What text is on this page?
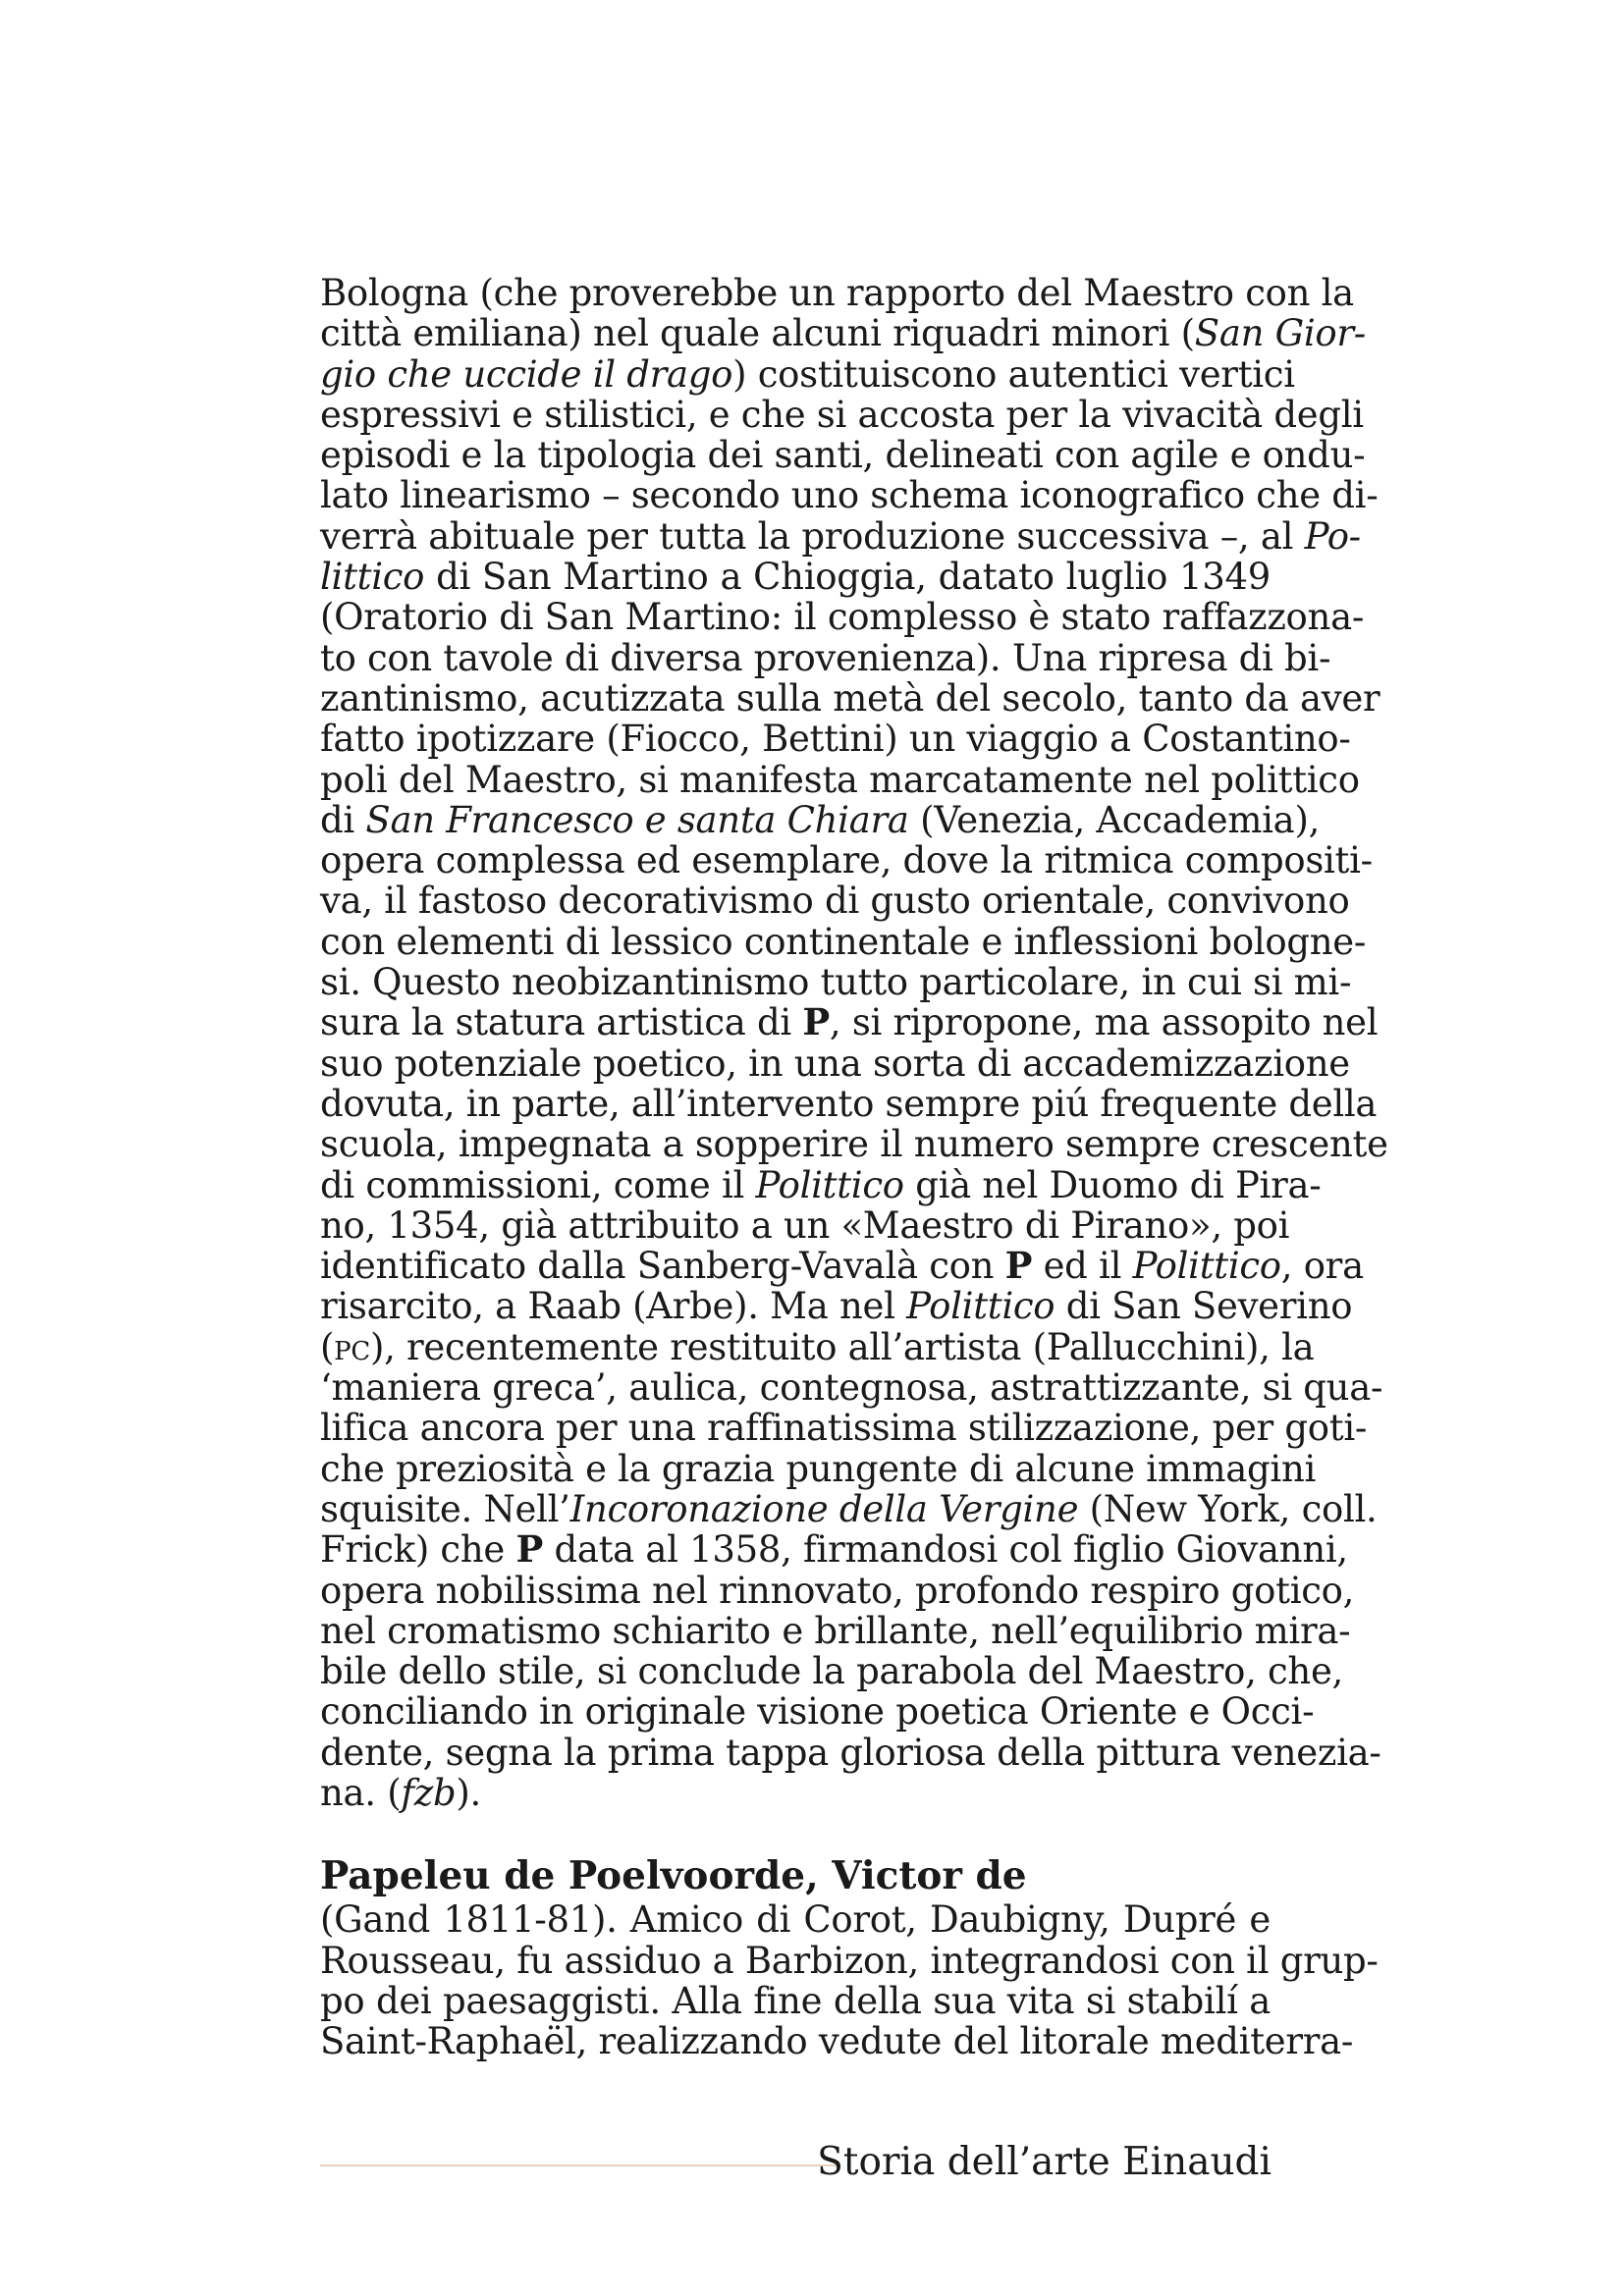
Bologna (che proverebbe un rapporto del Maestro con la
città emiliana) nel quale alcuni riquadri minori (San Gior-
gio che uccide il drago) costituiscono autentici vertici
espressivi e stilistici, e che si accosta per la vivacità degli
episodi e la tipologia dei santi, delineati con agile e ondu-
lato linearismo – secondo uno schema iconografico che di-
verrà abituale per tutta la produzione successiva –, al Po-
littico di San Martino a Chioggia, datato luglio 1349
(Oratorio di San Martino: il complesso è stato raffazzona-
to con tavole di diversa provenienza). Una ripresa di bi-
zantinismo, acutizzata sulla metà del secolo, tanto da aver
fatto ipotizzare (Fiocco, Bettini) un viaggio a Costantino-
poli del Maestro, si manifesta marcatamente nel polittico
di San Francesco e santa Chiara (Venezia, Accademia),
opera complessa ed esemplare, dove la ritmica compositi-
va, il fastoso decorativismo di gusto orientale, convivono
con elementi di lessico continentale e inflessioni bologne-
si. Questo neobizantinismo tutto particolare, in cui si mi-
sura la statura artistica di P, si ripropone, ma assopito nel
suo potenziale poetico, in una sorta di accademizzazione
dovuta, in parte, all’intervento sempre piú frequente della
scuola, impegnata a sopperire il numero sempre crescente
di commissioni, come il Polittico già nel Duomo di Pira-
no, 1354, già attribuito a un «Maestro di Pirano», poi
identificato dalla Sanberg-Vavalà con P ed il Polittico, ora
risarcito, a Raab (Arbe). Ma nel Polittico di San Severino
(pc), recentemente restituito all’artista (Pallucchini), la
‘maniera greca’, aulica, contegnosa, astrattizzante, si qua-
lifica ancora per una raffinatissima stilizzazione, per goti-
che preziosità e la grazia pungente di alcune immagini
squisite. Nell’Incoronazione della Vergine (New York, coll.
Frick) che P data al 1358, firmandosi col figlio Giovanni,
opera nobilissima nel rinnovato, profondo respiro gotico,
nel cromatismo schiarito e brillante, nell’equilibrio mira-
bile dello stile, si conclude la parabola del Maestro, che,
conciliando in originale visione poetica Oriente e Occi-
dente, segna la prima tappa gloriosa della pittura venezia-
na. (fzb).
Papeleu de Poelvoorde, Victor de
(Gand 1811-81). Amico di Corot, Daubigny, Dupré e
Rousseau, fu assiduo a Barbizon, integrandosi con il grup-
po dei paesaggisti. Alla fine della sua vita si stabilí a
Saint-Raphaël, realizzando vedute del litorale mediterra-
Storia dell’arte Einaudi
